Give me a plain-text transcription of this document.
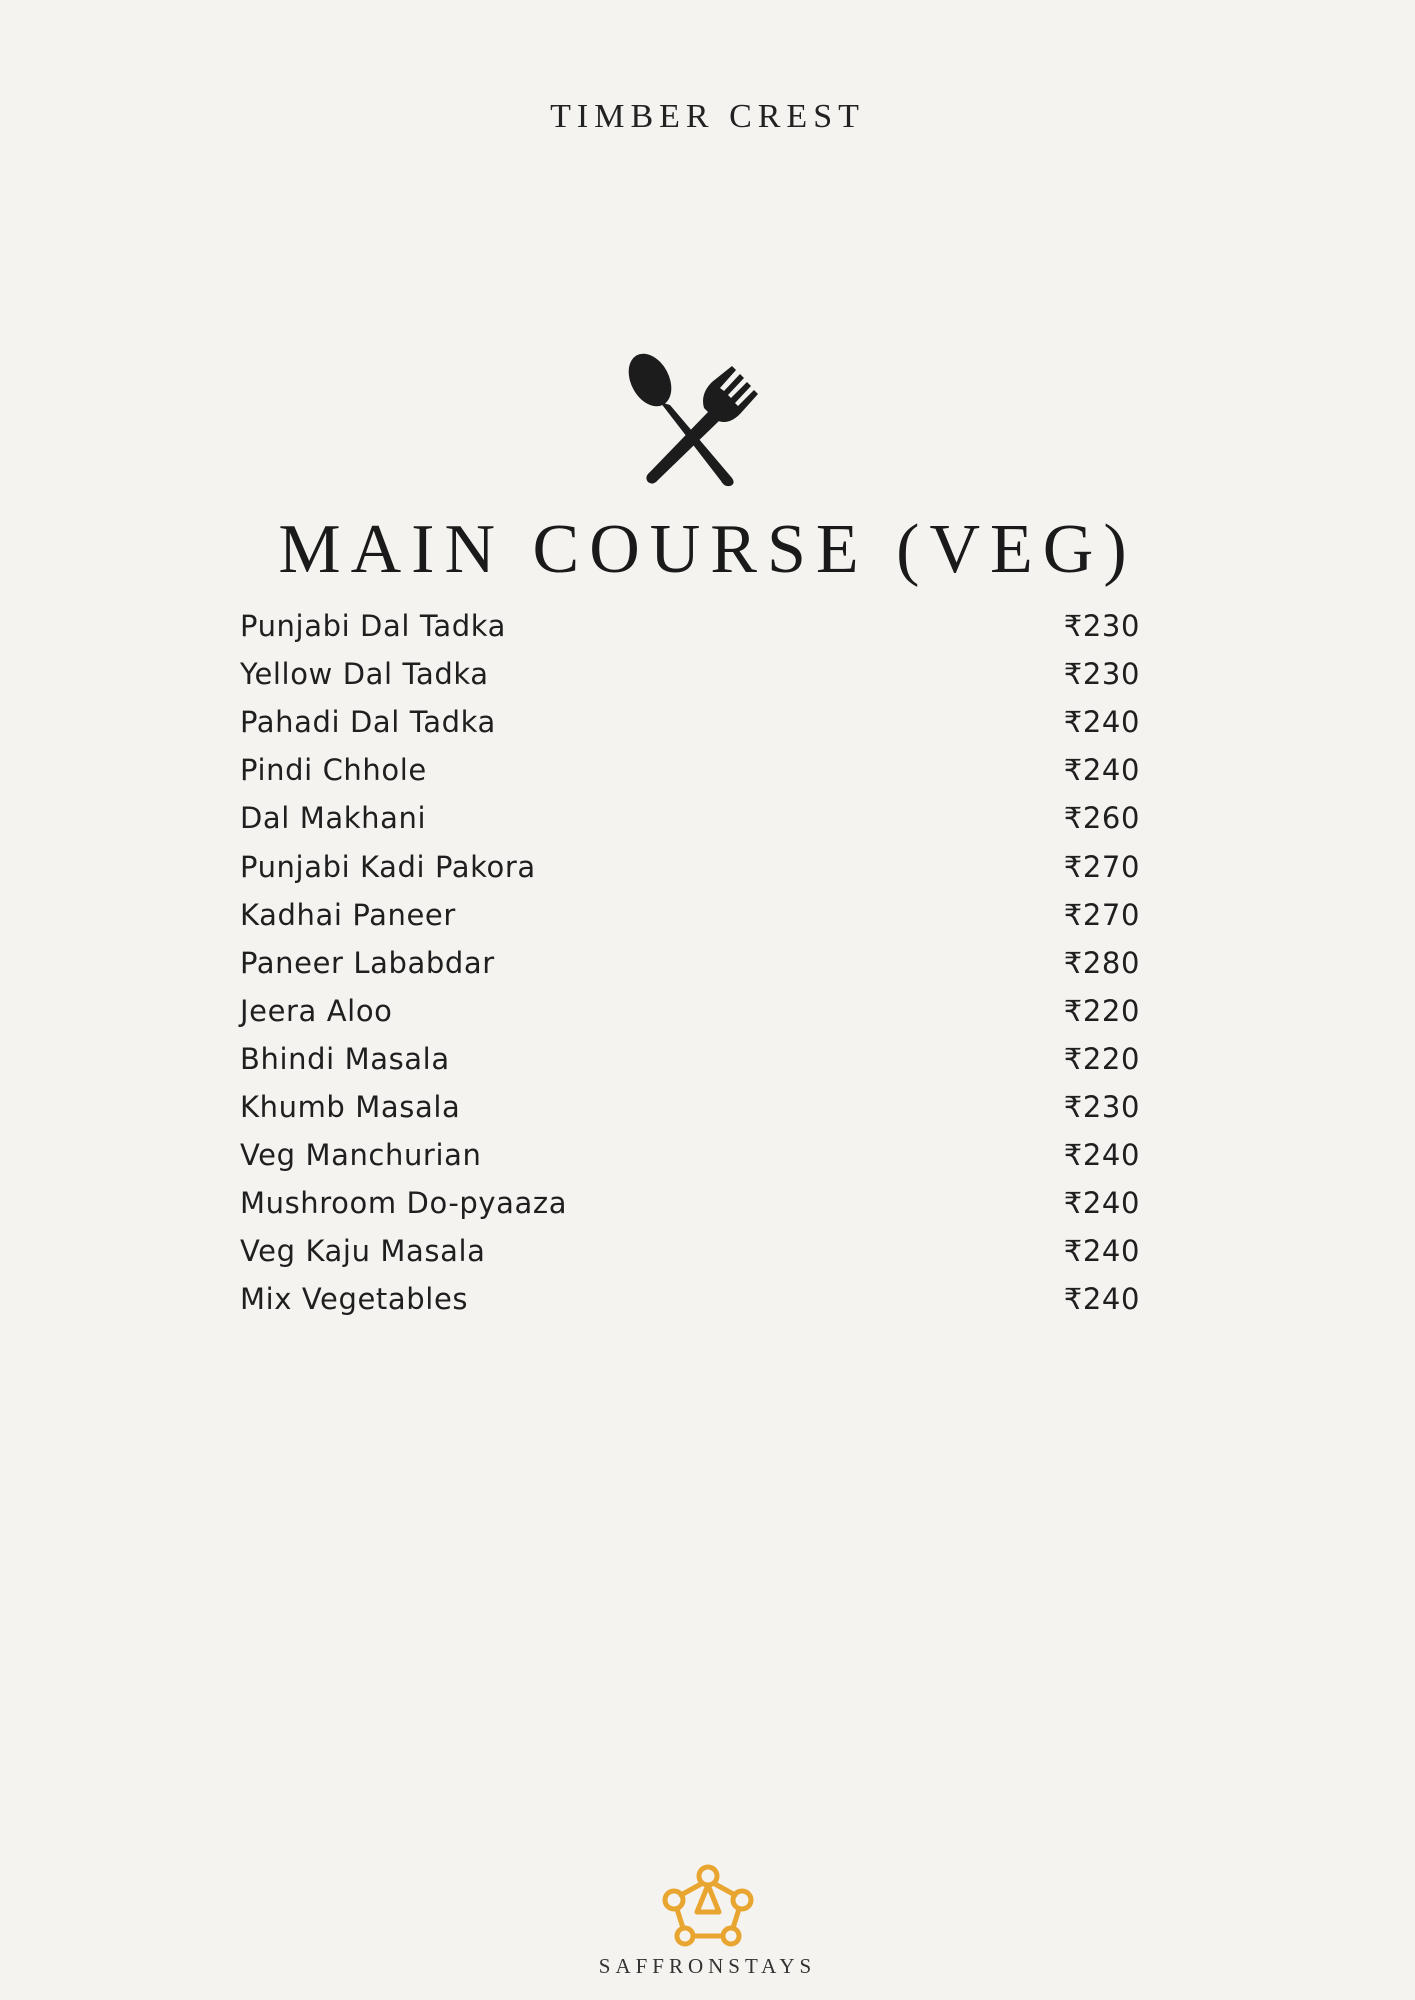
TIMBER CREST
MAIN COURSE (VEG)
Punjabi Dal Tadka	₹230
Yellow Dal Tadka	₹230
Pahadi Dal Tadka	₹240
Pindi Chhole	₹240
Dal Makhani	₹260
Punjabi Kadi Pakora	₹270
Kadhai Paneer	₹270
Paneer Lababdar	₹280
Jeera Aloo	₹220
Bhindi Masala	₹220
Khumb Masala	₹230
Veg Manchurian	₹240
Mushroom Do-pyaaza	₹240
Veg Kaju Masala	₹240
Mix Vegetables	₹240
SAFFRONSTAYS
